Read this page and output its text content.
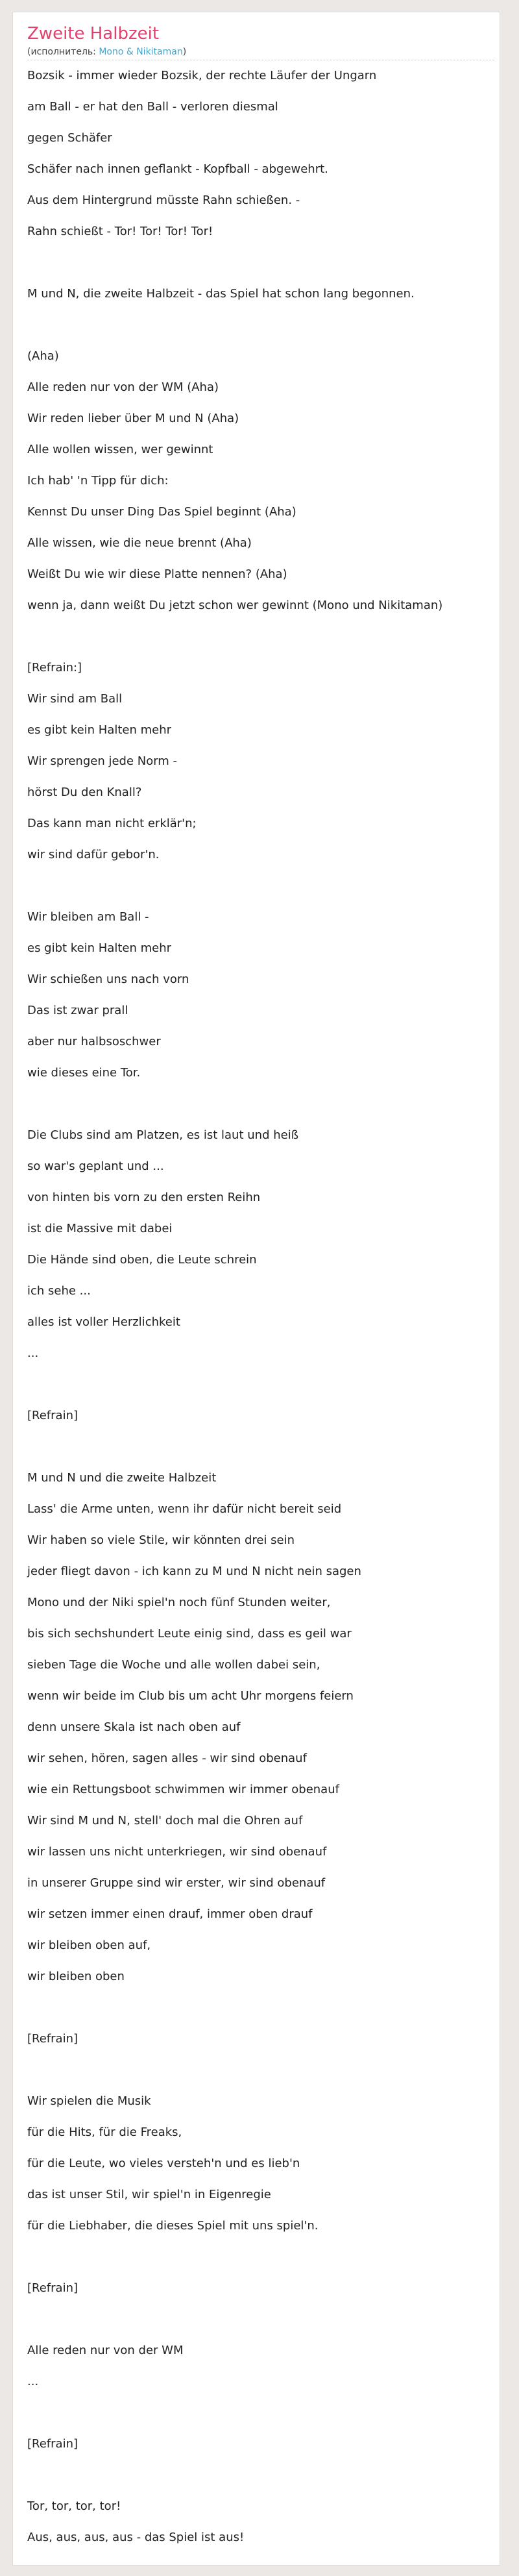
Zweite Halbzeit
(исполнитель: Mono & Nikitaman)
Bozsik - immer wieder Bozsik, der rechte Läufer der Ungarn
am Ball - er hat den Ball - verloren diesmal
gegen Schäfer
Schäfer nach innen geflankt - Kopfball - abgewehrt.
Aus dem Hintergrund müsste Rahn schießen. -
Rahn schießt - Tor! Tor! Tor! Tor!
M und N, die zweite Halbzeit - das Spiel hat schon lang begonnen.
(Aha)
Alle reden nur von der WM (Aha)
Wir reden lieber über M und N (Aha)
Alle wollen wissen, wer gewinnt
Ich hab' 'n Tipp für dich:
Kennst Du unser Ding Das Spiel beginnt (Aha)
Alle wissen, wie die neue brennt (Aha)
Weißt Du wie wir diese Platte nennen? (Aha)
wenn ja, dann weißt Du jetzt schon wer gewinnt (Mono und Nikitaman)
[Refrain:]
Wir sind am Ball
es gibt kein Halten mehr
Wir sprengen jede Norm -
hörst Du den Knall?
Das kann man nicht erklär'n;
wir sind dafür gebor'n.
Wir bleiben am Ball -
es gibt kein Halten mehr
Wir schießen uns nach vorn
Das ist zwar prall
aber nur halbsoschwer
wie dieses eine Tor.
Die Clubs sind am Platzen, es ist laut und heiß
so war's geplant und ...
von hinten bis vorn zu den ersten Reihn
ist die Massive mit dabei
Die Hände sind oben, die Leute schrein
ich sehe ...
alles ist voller Herzlichkeit
...
[Refrain]
M und N und die zweite Halbzeit
Lass' die Arme unten, wenn ihr dafür nicht bereit seid
Wir haben so viele Stile, wir könnten drei sein
jeder fliegt davon - ich kann zu M und N nicht nein sagen
Mono und der Niki spiel'n noch fünf Stunden weiter,
bis sich sechshundert Leute einig sind, dass es geil war
sieben Tage die Woche und alle wollen dabei sein,
wenn wir beide im Club bis um acht Uhr morgens feiern
denn unsere Skala ist nach oben auf
wir sehen, hören, sagen alles - wir sind obenauf
wie ein Rettungsboot schwimmen wir immer obenauf
Wir sind M und N, stell' doch mal die Ohren auf
wir lassen uns nicht unterkriegen, wir sind obenauf
in unserer Gruppe sind wir erster, wir sind obenauf
wir setzen immer einen drauf, immer oben drauf
wir bleiben oben auf,
wir bleiben oben
[Refrain]
Wir spielen die Musik
für die Hits, für die Freaks,
für die Leute, wo vieles versteh'n und es lieb'n
das ist unser Stil, wir spiel'n in Eigenregie
für die Liebhaber, die dieses Spiel mit uns spiel'n.
[Refrain]
Alle reden nur von der WM
...
[Refrain]
Tor, tor, tor, tor!
Aus, aus, aus, aus - das Spiel ist aus!
